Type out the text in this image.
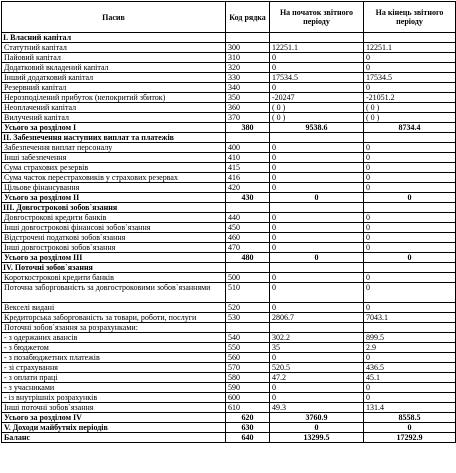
Пасив	Код рядка	На початок звітного періоду	На кінець звітного періоду
I. Власний капітал			
Статутний капітал	300	12251.1	12251.1
Пайовий капітал	310	0	0
Додатковий вкладений капітал	320	0	0
Інший додатковий капітал	330	17534.5	17534.5
Резервний капітал	340	0	0
Нерозподілений прибуток (непокритий збиток)	350	-20247	-21051.2
Неоплачений капітал	360	( 0 )	( 0 )
Вилучений капітал	370	( 0 )	( 0 )
Усього за розділом I	380	9538.6	8734.4
II. Забезпечення наступних виплат та платежів			
Забезпечення виплат персоналу	400	0	0
Інші забезпечення	410	0	0
Сума страхових резервів	415	0	0
Сума часток перестраховиків у страхових резервах	416	0	0
Цільове фінансування	420	0	0
Усього за розділом II	430	0	0
III. Довгострокові зобов`язання			
Довгострокові кредити банків	440	0	0
Інші довгострокові фінансові зобов`язання	450	0	0
Відстрочені податкові зобов`язання	460	0	0
Інші довгострокові зобов`язання	470	0	0
Усього за розділом III	480	0	0
IV. Поточні зобов`язання			
Короткострокові кредити банків	500	0	0
Поточна заборгованість за довгостроковими зобов`язаннями	510	0	0
Векселі видані	520	0	0
Кредиторська заборгованість за товари, роботи, послуги	530	2806.7	7043.1
Поточні зобов`язання за розрахунками:			
- з одержаних авансів	540	302.2	899.5
- з бюджетом	550	35	2.9
- з позабюджетних платежів	560	0	0
- зі страхування	570	520.5	436.5
- з оплати праці	580	47.2	45.1
- з учасниками	590	0	0
- із внутрішніх розрахунків	600	0	0
Інші поточні зобов`язання	610	49.3	131.4
Усього за розділом IV	620	3760.9	8558.5
V. Доходи майбутніх періодів	630	0	0
Баланс	640	13299.5	17292.9
